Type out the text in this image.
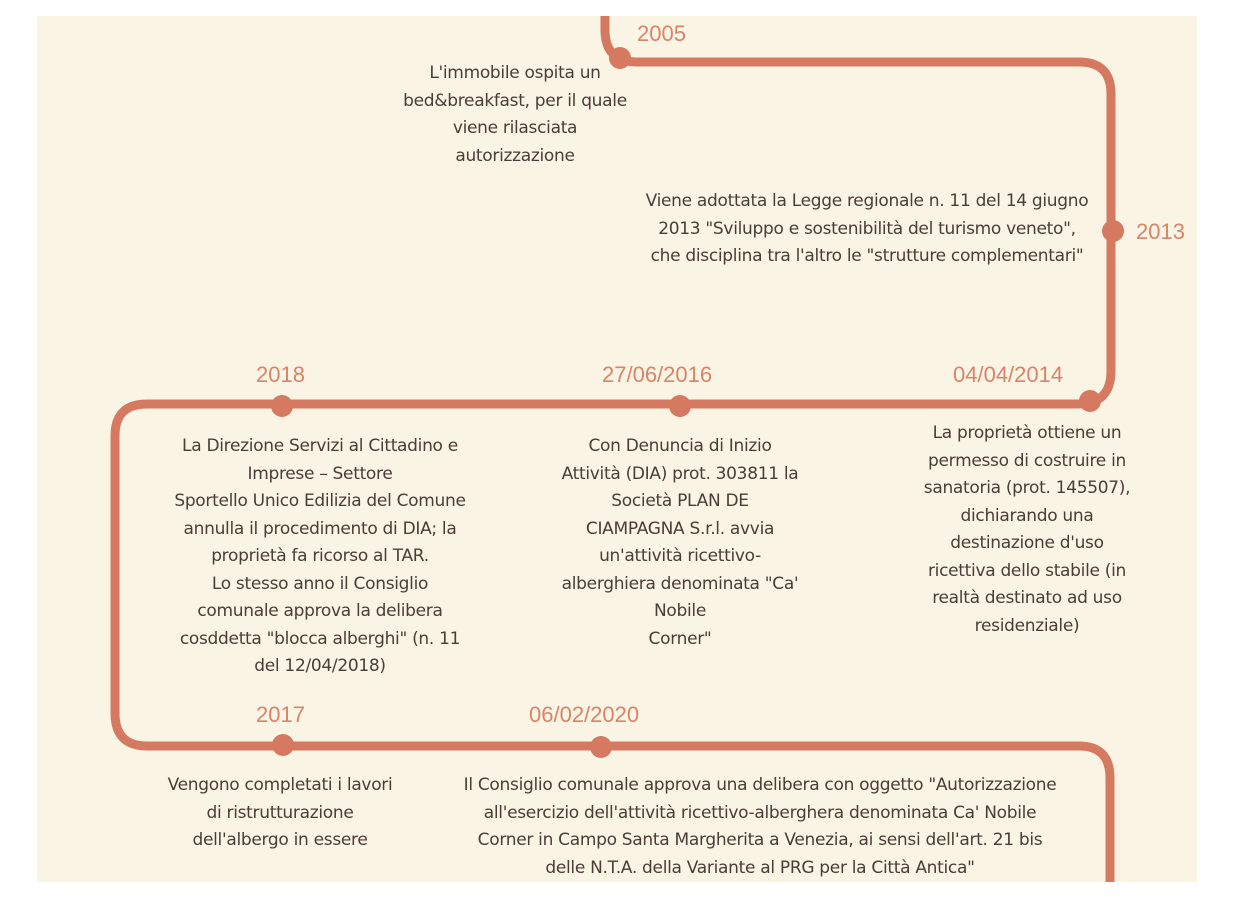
2005
L'immobile ospita un
bed&breakfast, per il quale
viene rilasciata
autorizzazione
2013
Viene adottata la Legge regionale n. 11 del 14 giugno
2013 "Sviluppo e sostenibilità del turismo veneto",
che disciplina tra l'altro le "strutture complementari"
04/04/2014
La proprietà ottiene un
permesso di costruire in
sanatoria (prot. 145507),
dichiarando una
destinazione d'uso
ricettiva dello stabile (in
realtà destinato ad uso
residenziale)
27/06/2016
Con Denuncia di Inizio
Attività (DIA) prot. 303811 la
Società PLAN DE
CIAMPAGNA S.r.l. avvia
un'attività ricettivo-
alberghiera denominata "Ca'
Nobile
Corner"
2018
La Direzione Servizi al Cittadino e
Imprese – Settore
Sportello Unico Edilizia del Comune
annulla il procedimento di DIA; la
proprietà fa ricorso al TAR.
Lo stesso anno il Consiglio
comunale approva la delibera
cosddetta "blocca alberghi" (n. 11
del 12/04/2018)
2017
Vengono completati i lavori
di ristrutturazione
dell'albergo in essere
06/02/2020
Il Consiglio comunale approva una delibera con oggetto "Autorizzazione
all'esercizio dell'attività ricettivo-alberghera denominata Ca' Nobile
Corner in Campo Santa Margherita a Venezia, ai sensi dell'art. 21 bis
delle N.T.A. della Variante al PRG per la Città Antica"
